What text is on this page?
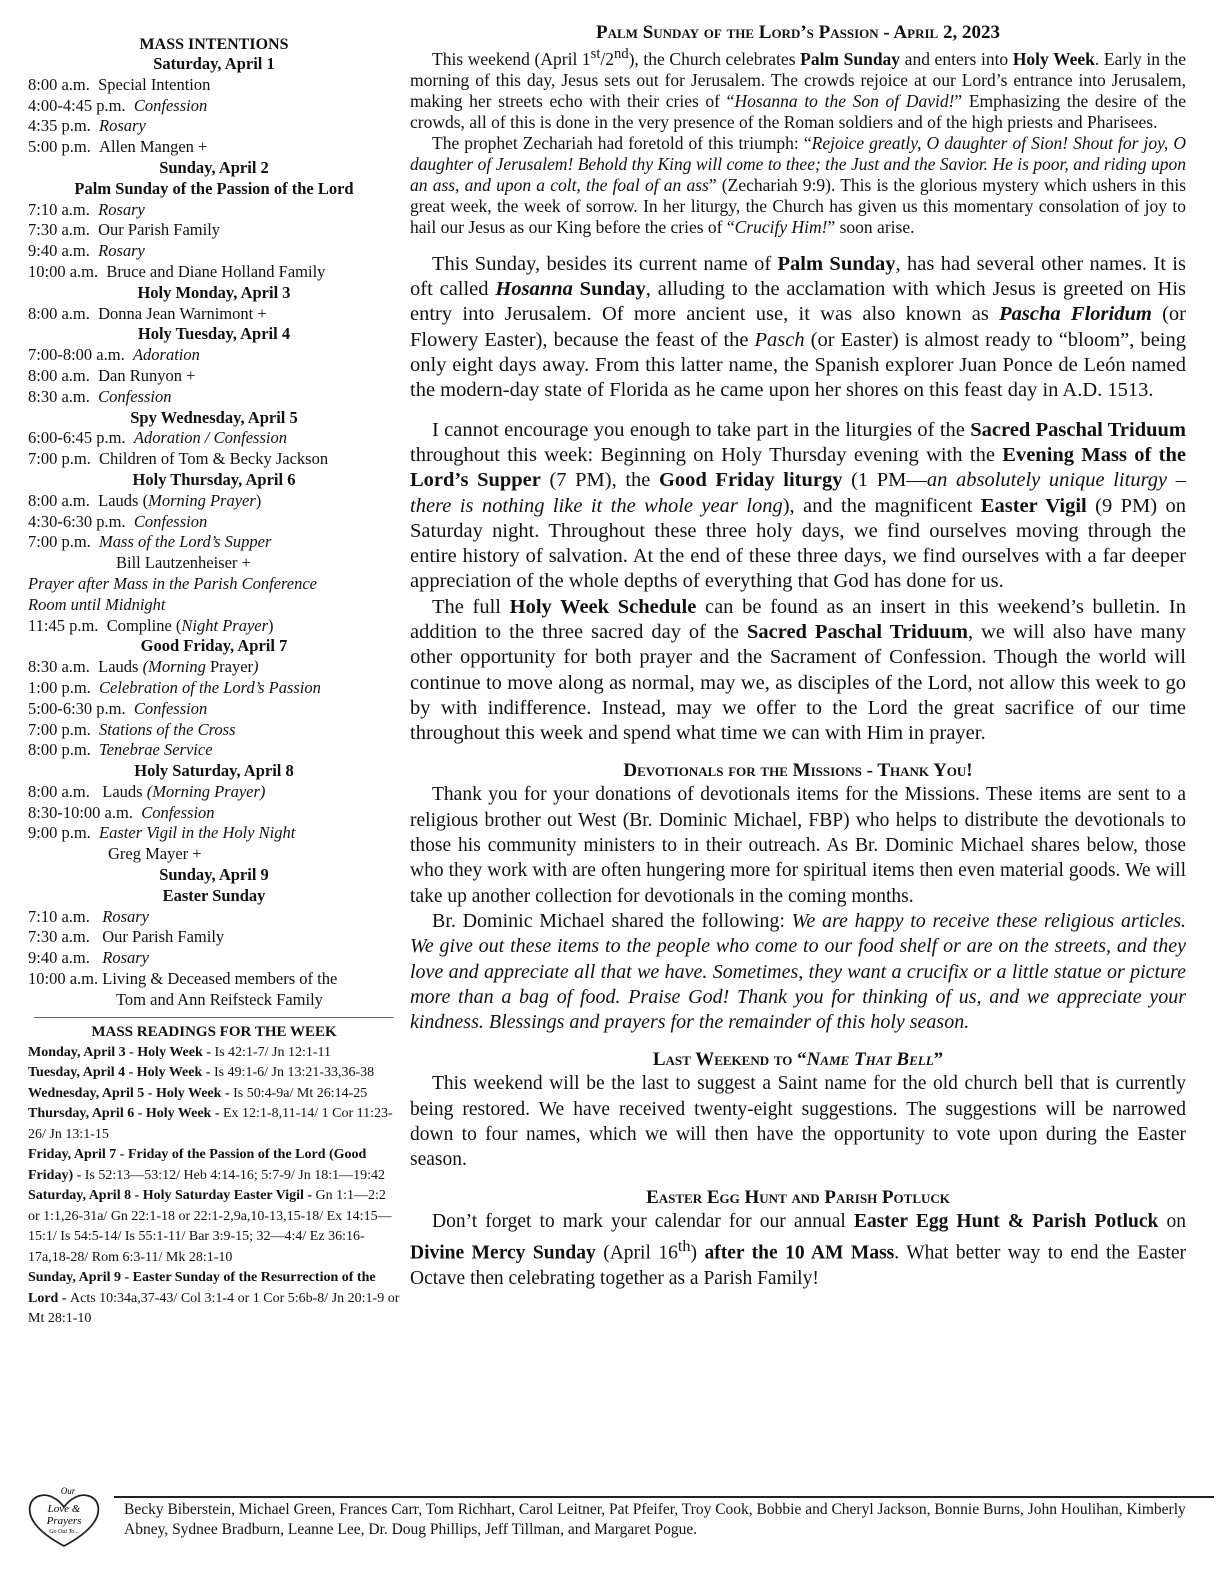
MASS INTENTIONS
Saturday, April 1
8:00 a.m. Special Intention
4:00-4:45 p.m. Confession
4:35 p.m. Rosary
5:00 p.m. Allen Mangen +
Sunday, April 2
Palm Sunday of the Passion of the Lord
7:10 a.m. Rosary
7:30 a.m. Our Parish Family
9:40 a.m. Rosary
10:00 a.m. Bruce and Diane Holland Family
Holy Monday, April 3
8:00 a.m. Donna Jean Warnimont +
Holy Tuesday, April 4
7:00-8:00 a.m. Adoration
8:00 a.m. Dan Runyon +
8:30 a.m. Confession
Spy Wednesday, April 5
6:00-6:45 p.m. Adoration / Confession
7:00 p.m. Children of Tom & Becky Jackson
Holy Thursday, April 6
8:00 a.m. Lauds (Morning Prayer)
4:30-6:30 p.m. Confession
7:00 p.m. Mass of the Lord’s Supper
Bill Lautzenheiser +
Prayer after Mass in the Parish Conference
Room until Midnight
11:45 p.m. Compline (Night Prayer)
Good Friday, April 7
8:30 a.m. Lauds (Morning Prayer)
1:00 p.m. Celebration of the Lord’s Passion
5:00-6:30 p.m. Confession
7:00 p.m. Stations of the Cross
8:00 p.m. Tenebrae Service
Holy Saturday, April 8
8:00 a.m. Lauds (Morning Prayer)
8:30-10:00 a.m. Confession
9:00 p.m. Easter Vigil in the Holy Night
Greg Mayer +
Sunday, April 9
Easter Sunday
7:10 a.m. Rosary
7:30 a.m. Our Parish Family
9:40 a.m. Rosary
10:00 a.m. Living & Deceased members of the
Tom and Ann Reifsteck Family
MASS READINGS FOR THE WEEK
Monday, April 3 - Holy Week - Is 42:1-7/ Jn 12:1-11
Tuesday, April 4 - Holy Week - Is 49:1-6/ Jn 13:21-33,36-38
Wednesday, April 5 - Holy Week - Is 50:4-9a/ Mt 26:14-25
Thursday, April 6 - Holy Week - Ex 12:1-8,11-14/ 1 Cor 11:23-26/ Jn 13:1-15
Friday, April 7 - Friday of the Passion of the Lord (Good Friday) - Is 52:13—53:12/ Heb 4:14-16; 5:7-9/ Jn 18:1—19:42
Saturday, April 8 - Holy Saturday Easter Vigil - Gn 1:1—2:2 or 1:1,26-31a/ Gn 22:1-18 or 22:1-2,9a,10-13,15-18/ Ex 14:15—15:1/ Is 54:5-14/ Is 55:1-11/ Bar 3:9-15; 32—4:4/ Ez 36:16-17a,18-28/ Rom 6:3-11/ Mk 28:1-10
Sunday, April 9 - Easter Sunday of the Resurrection of the Lord - Acts 10:34a,37-43/ Col 3:1-4 or 1 Cor 5:6b-8/ Jn 20:1-9 or Mt 28:1-10
Palm Sunday of the Lord’s Passion - April 2, 2023

This weekend (April 1st/2nd), the Church celebrates Palm Sunday and enters into Holy Week. Early in the morning of this day, Jesus sets out for Jerusalem. The crowds rejoice at our Lord’s entrance into Jerusalem, making her streets echo with their cries of “Hosanna to the Son of David!” Emphasizing the desire of the crowds, all of this is done in the very presence of the Roman soldiers and of the high priests and Pharisees.

The prophet Zechariah had foretold of this triumph: “Rejoice greatly, O daughter of Sion! Shout for joy, O daughter of Jerusalem! Behold thy King will come to thee; the Just and the Savior. He is poor, and riding upon an ass, and upon a colt, the foal of an ass” (Zechariah 9:9). This is the glorious mystery which ushers in this great week, the week of sorrow. In her liturgy, the Church has given us this momentary consolation of joy to hail our Jesus as our King before the cries of “Crucify Him!” soon arise.

This Sunday, besides its current name of Palm Sunday, has had several other names. It is oft called Hosanna Sunday, alluding to the acclamation with which Jesus is greeted on His entry into Jerusalem. Of more ancient use, it was also known as Pascha Floridum (or Flowery Easter), because the feast of the Pasch (or Easter) is almost ready to “bloom”, being only eight days away. From this latter name, the Spanish explorer Juan Ponce de León named the modern-day state of Florida as he came upon her shores on this feast day in A.D. 1513.

I cannot encourage you enough to take part in the liturgies of the Sacred Paschal Triduum throughout this week: Beginning on Holy Thursday evening with the Evening Mass of the Lord’s Supper (7 PM), the Good Friday liturgy (1 PM—an absolutely unique liturgy – there is nothing like it the whole year long), and the magnificent Easter Vigil (9 PM) on Saturday night. Throughout these three holy days, we find ourselves moving through the entire history of salvation. At the end of these three days, we find ourselves with a far deeper appreciation of the whole depths of everything that God has done for us.

The full Holy Week Schedule can be found as an insert in this weekend’s bulletin. In addition to the three sacred day of the Sacred Paschal Triduum, we will also have many other opportunity for both prayer and the Sacrament of Confession. Though the world will continue to move along as normal, may we, as disciples of the Lord, not allow this week to go by with indifference. Instead, may we offer to the Lord the great sacrifice of our time throughout this week and spend what time we can with Him in prayer.

Devotionals for the Missions - Thank You!

Thank you for your donations of devotionals items for the Missions. These items are sent to a religious brother out West (Br. Dominic Michael, FBP) who helps to distribute the devotionals to those his community ministers to in their outreach. As Br. Dominic Michael shares below, those who they work with are often hungering more for spiritual items then even material goods. We will take up another collection for devotionals in the coming months.

Br. Dominic Michael shared the following: We are happy to receive these religious articles. We give out these items to the people who come to our food shelf or are on the streets, and they love and appreciate all that we have. Sometimes, they want a crucifix or a little statue or picture more than a bag of food. Praise God! Thank you for thinking of us, and we appreciate your kindness. Blessings and prayers for the remainder of this holy season.

Last Weekend to “Name That Bell”

This weekend will be the last to suggest a Saint name for the old church bell that is currently being restored. We have received twenty-eight suggestions. The suggestions will be narrowed down to four names, which we will then have the opportunity to vote upon during the Easter season.

Easter Egg Hunt and Parish Potluck

Don’t forget to mark your calendar for our annual Easter Egg Hunt & Parish Potluck on Divine Mercy Sunday (April 16th) after the 10 AM Mass. What better way to end the Easter Octave then celebrating together as a Parish Family!

Our
Love &
Prayers
Go Out To...
Becky Biberstein, Michael Green, Frances Carr, Tom Richhart, Carol Leitner, Pat Pfeifer, Troy Cook, Bobbie and Cheryl Jackson, Bonnie Burns, John Houlihan, Kimberly Abney, Sydnee Bradburn, Leanne Lee, Dr. Doug Phillips, Jeff Tillman, and Margaret Pogue.
